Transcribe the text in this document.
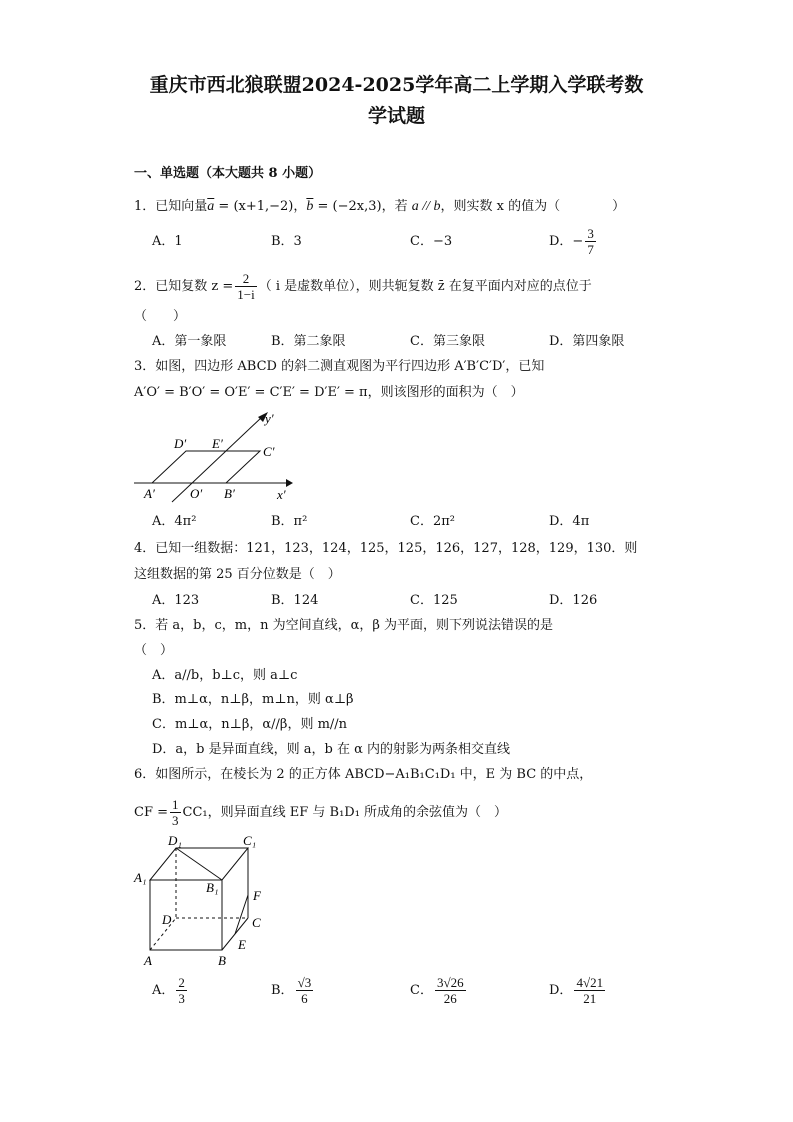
重庆市西北狼联盟2024-2025学年高二上学期入学联考数
学试题
一、单选题（本大题共 8 小题）
1．已知向量$\overline{a} = (x+1,-2)$，$\overline{b} = (-2x,3)$，若 a // b，则实数 x 的值为（　　　　）
A．1	B．3	C．−3	D．− $\frac{3}{7}$
2．已知复数 $z = \frac{2}{1-i}$ （ i 是虚数单位），则共轭复数 z̄ 在复平面内对应的点位于
（　　）
A．第一象限	B．第二象限	C．第三象限	D．第四象限
3．如图，四边形 ABCD 的斜二测直观图为平行四边形 A′B′C′D′，已知
A′O′ = B′O′ = O′E′ = C′E′ = D′E′ = π，则该图形的面积为（　）
y′
x′
D′ E′
C′
A′	O′ B′
A．4π²	B．π²	C．2π²	D．4π
4．已知一组数据：121，123，124，125，125，126，127，128，129，130．则
这组数据的第 25 百分位数是（　）
A．123	B．124	C．125	D．126
5．若 a，b，c，m，n 为空间直线，α，β 为平面，则下列说法错误的是
（　）
A．a//b，b⊥c，则 a⊥c
B．m⊥α，n⊥β，m⊥n，则 α⊥β
C．m⊥α，n⊥β，α//β，则 m//n
D．a，b 是异面直线，则 a，b 在 α 内的射影为两条相交直线
6．如图所示，在棱长为 2 的正方体 ABCD−A₁B₁C₁D₁ 中，E 为 BC 的中点，
CF = $\frac{1}{3} CC_1$，则异面直线 EF 与 B₁D₁ 所成角的余弦值为（　）
D₁	C₁
A₁
B₁
F
D	C
A	B
E
A． $\frac{2}{3}$	B． $\frac{√3}{6}$	C． $\frac{3√26}{26}$	D． $\frac{4√21}{21}$
